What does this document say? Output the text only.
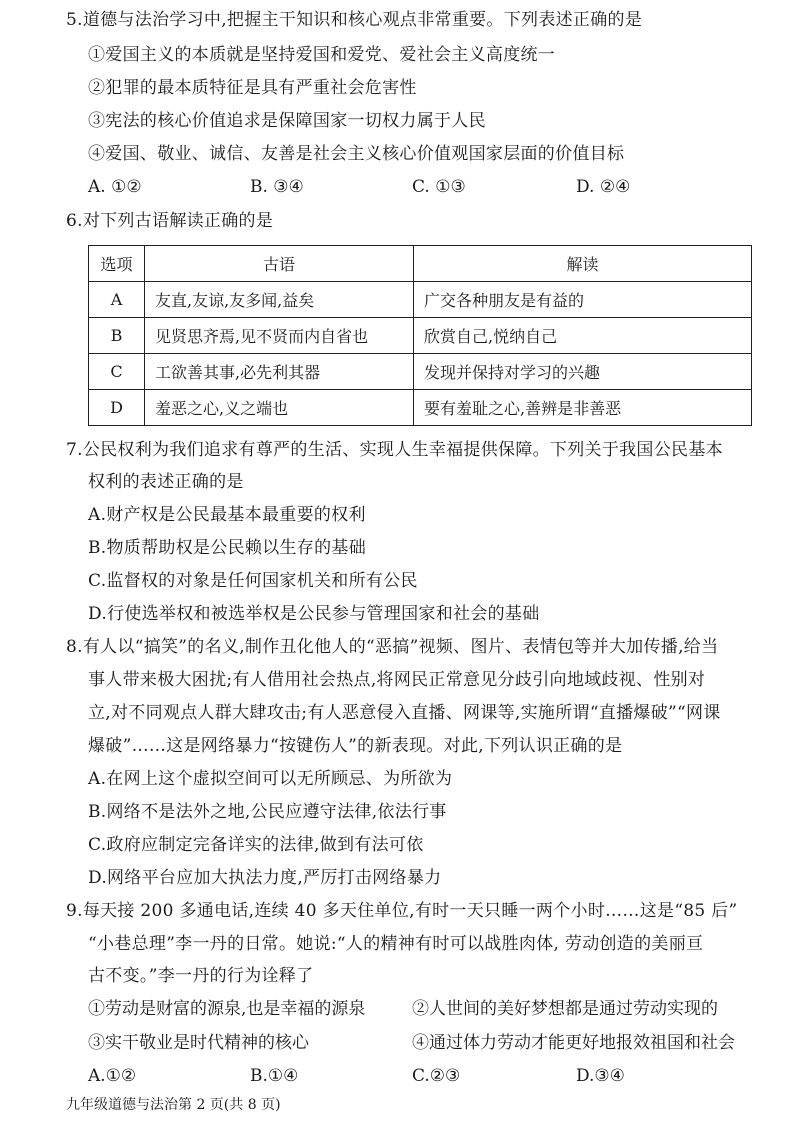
5.道德与法治学习中,把握主干知识和核心观点非常重要。下列表述正确的是
①爱国主义的本质就是坚持爱国和爱党、爱社会主义高度统一
②犯罪的最本质特征是具有严重社会危害性
③宪法的核心价值追求是保障国家一切权力属于人民
④爱国、敬业、诚信、友善是社会主义核心价值观国家层面的价值目标
A. ①②	B. ③④	C. ①③	D. ②④
6.对下列古语解读正确的是
选项	古语	解读
A	友直,友谅,友多闻,益矣	广交各种朋友是有益的
B	见贤思齐焉,见不贤而内自省也	欣赏自己,悦纳自己
C	工欲善其事,必先利其器	发现并保持对学习的兴趣
D	羞恶之心,义之端也	要有羞耻之心,善辨是非善恶
7.公民权利为我们追求有尊严的生活、实现人生幸福提供保障。下列关于我国公民基本
权利的表述正确的是
A.财产权是公民最基本最重要的权利
B.物质帮助权是公民赖以生存的基础
C.监督权的对象是任何国家机关和所有公民
D.行使选举权和被选举权是公民参与管理国家和社会的基础
8.有人以“搞笑”的名义,制作丑化他人的“恶搞”视频、图片、表情包等并大加传播,给当
事人带来极大困扰;有人借用社会热点,将网民正常意见分歧引向地域歧视、性别对
立,对不同观点人群大肆攻击;有人恶意侵入直播、网课等,实施所谓“直播爆破”“网课
爆破”……这是网络暴力“按键伤人”的新表现。对此,下列认识正确的是
A.在网上这个虚拟空间可以无所顾忌、为所欲为
B.网络不是法外之地,公民应遵守法律,依法行事
C.政府应制定完备详实的法律,做到有法可依
D.网络平台应加大执法力度,严厉打击网络暴力
9.每天接 200 多通电话,连续 40 多天住单位,有时一天只睡一两个小时……这是“85 后”
“小巷总理”李一丹的日常。她说:“人的精神有时可以战胜肉体, 劳动创造的美丽亘
古不变。”李一丹的行为诠释了
①劳动是财富的源泉,也是幸福的源泉	②人世间的美好梦想都是通过劳动实现的
③实干敬业是时代精神的核心	④通过体力劳动才能更好地报效祖国和社会
A.①②	B.①④	C.②③	D.③④
九年级道德与法治第 2 页(共 8 页)
